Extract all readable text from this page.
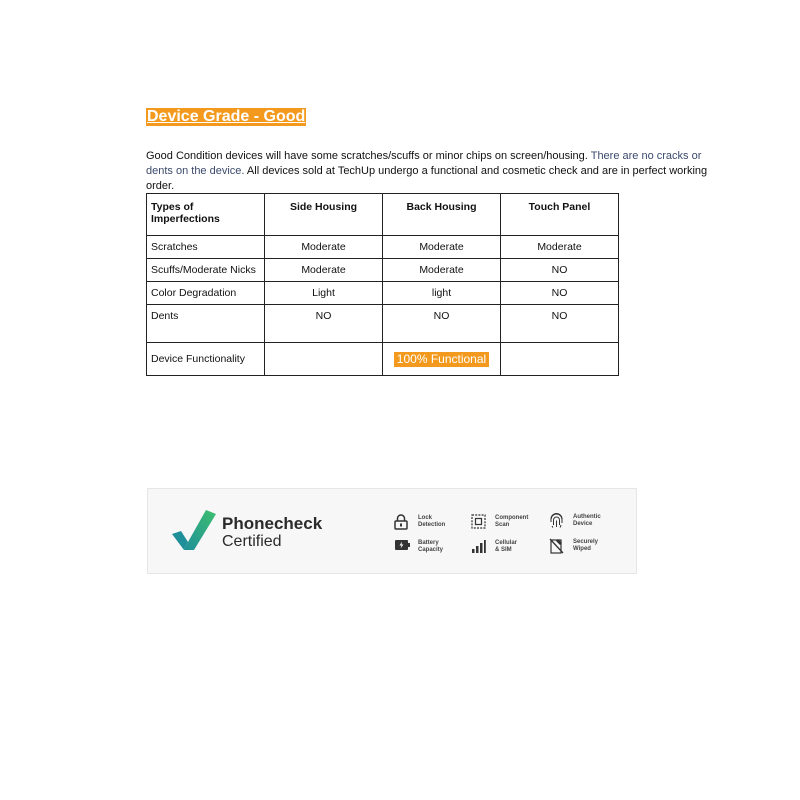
Device Grade - Good

Good Condition devices will have some scratches/scuffs or minor chips on screen/housing. There are no cracks or dents on the device. All devices sold at TechUp undergo a functional and cosmetic check and are in perfect working order.

Types of Imperfections	Side Housing	Back Housing	Touch Panel
Scratches	Moderate	Moderate	Moderate
Scuffs/Moderate Nicks	Moderate	Moderate	NO
Color Degradation	Light	light	NO
Dents	NO	NO	NO
Device Functionality		100% Functional	
Phonecheck
Certified
Lock
Detection
Component
Scan
Authentic
Device
Battery
Capacity
Cellular
& SIM
Securely
Wiped
